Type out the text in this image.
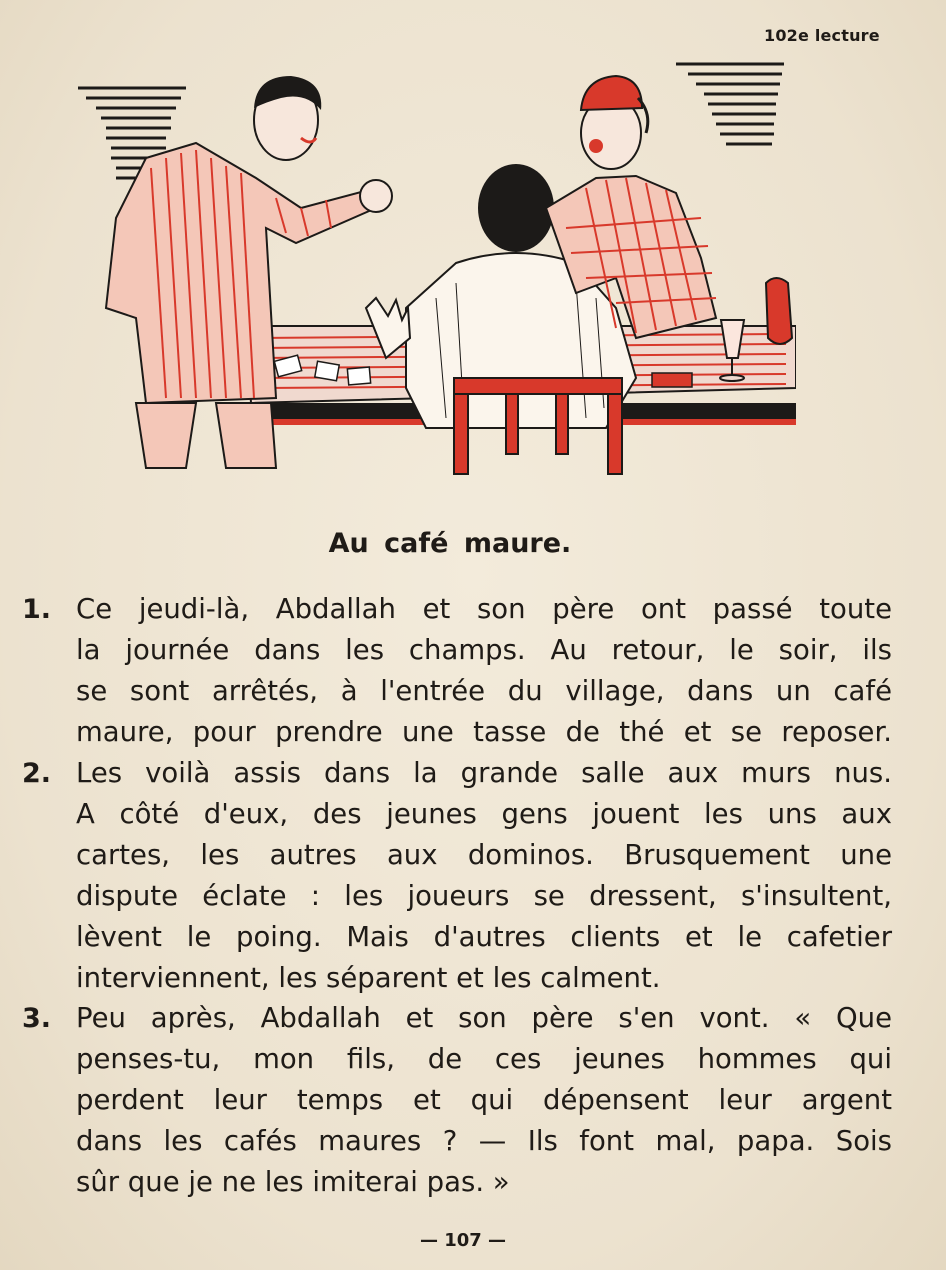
102e lecture
Au café maure.
1. Ce jeudi-là, Abdallah et son père ont passé toute
la journée dans les champs. Au retour, le soir, ils
se sont arrêtés, à l'entrée du village, dans un café
maure, pour prendre une tasse de thé et se reposer.
2. Les voilà assis dans la grande salle aux murs nus.
A côté d'eux, des jeunes gens jouent les uns aux
cartes, les autres aux dominos. Brusquement une
dispute éclate : les joueurs se dressent, s'insultent,
lèvent le poing. Mais d'autres clients et le cafetier
interviennent, les séparent et les calment.
3. Peu après, Abdallah et son père s'en vont. « Que
penses-tu, mon fils, de ces jeunes hommes qui
perdent leur temps et qui dépensent leur argent
dans les cafés maures ? — Ils font mal, papa. Sois
sûr que je ne les imiterai pas. »
— 107 —
